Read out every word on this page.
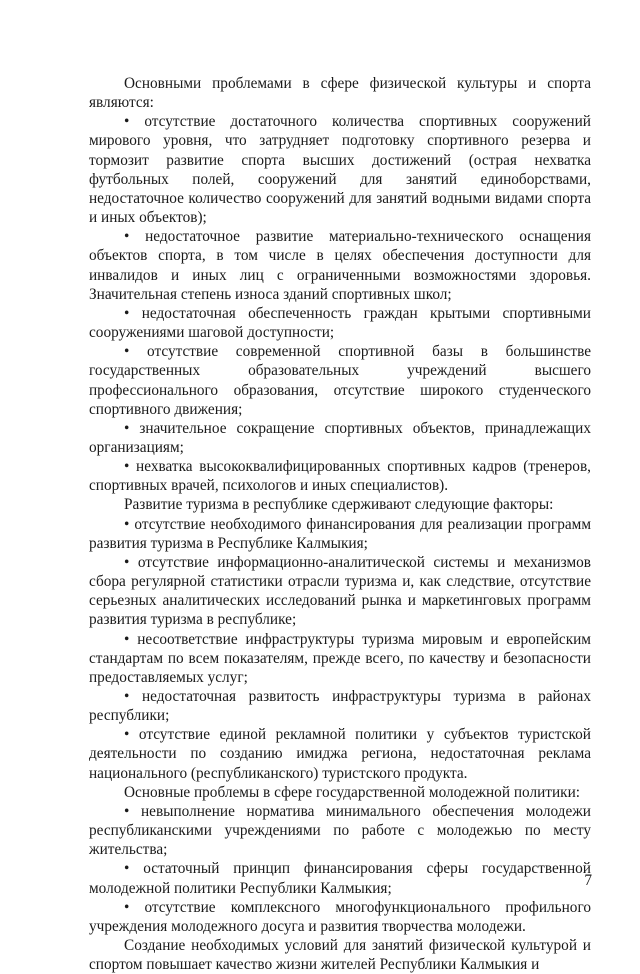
Основными проблемами в сфере физической культуры и спорта являются:

• отсутствие достаточного количества спортивных сооружений мирового уровня, что затрудняет подготовку спортивного резерва и тормозит развитие спорта высших достижений (острая нехватка футбольных полей, сооружений для занятий единоборствами, недостаточное количество сооружений для занятий водными видами спорта и иных объектов);

• недостаточное развитие материально-технического оснащения объектов спорта, в том числе в целях обеспечения доступности для инвалидов и иных лиц с ограниченными возможностями здоровья. Значительная степень износа зданий спортивных школ;

• недостаточная обеспеченность граждан крытыми спортивными сооружениями шаговой доступности;

• отсутствие современной спортивной базы в большинстве государственных образовательных учреждений высшего профессионального образования, отсутствие широкого студенческого спортивного движения;

• значительное сокращение спортивных объектов, принадлежащих организациям;

• нехватка высококвалифицированных спортивных кадров (тренеров, спортивных врачей, психологов и иных специалистов).

Развитие туризма в республике сдерживают следующие факторы:

• отсутствие необходимого финансирования для реализации программ развития туризма в Республике Калмыкия;

• отсутствие информационно-аналитической системы и механизмов сбора регулярной статистики отрасли туризма и, как следствие, отсутствие серьезных аналитических исследований рынка и маркетинговых программ развития туризма в республике;

• несоответствие инфраструктуры туризма мировым и европейским стандартам по всем показателям, прежде всего, по качеству и безопасности предоставляемых услуг;

• недостаточная развитость инфраструктуры туризма в районах республики;

• отсутствие единой рекламной политики у субъектов туристской деятельности по созданию имиджа региона, недостаточная реклама национального (республиканского) туристского продукта.

Основные проблемы в сфере государственной молодежной политики:

• невыполнение норматива минимального обеспечения молодежи республиканскими учреждениями по работе с молодежью по месту жительства;

• остаточный принцип финансирования сферы государственной молодежной политики Республики Калмыкия;

• отсутствие комплексного многофункционального профильного учреждения молодежного досуга и развития творчества молодежи.

Создание необходимых условий для занятий физической культурой и спортом повышает качество жизни жителей Республики Калмыкия и

7
